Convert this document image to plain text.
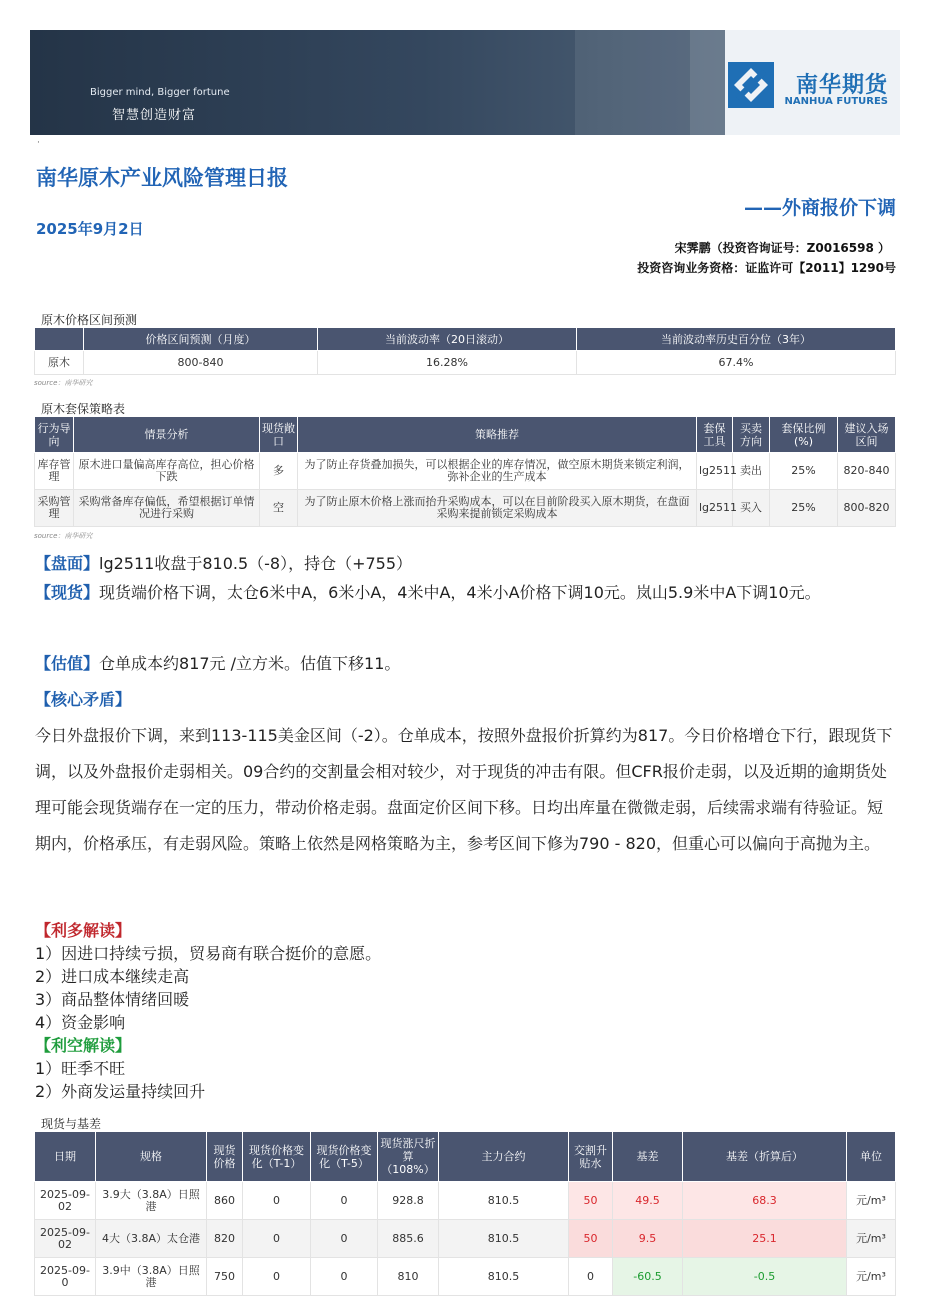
Bigger mind, Bigger fortune
智慧创造财富
南华期货
NANHUA FUTURES
·
南华原木产业风险管理日报
——外商报价下调
2025年9月2日
宋霁鹏（投资咨询证号：Z0016598 ）
投资咨询业务资格：证监许可【2011】1290号
原木价格区间预测
	价格区间预测（月度）	当前波动率（20日滚动）	当前波动率历史百分位（3年）
原木	800-840	16.28%	67.4%
source：南华研究
原木套保策略表
行为导向	情景分析	现货敞口	策略推荐	套保工具	买卖方向	套保比例(%)	建议入场区间
库存管理	原木进口量偏高库存高位，担心价格下跌	多	为了防止存货叠加损失，可以根据企业的库存情况，做空原木期货来锁定利润，弥补企业的生产成本	lg2511	卖出	25%	820-840
采购管理	采购常备库存偏低，希望根据订单情况进行采购	空	为了防止原木价格上涨而抬升采购成本，可以在目前阶段买入原木期货，在盘面采购来提前锁定采购成本	lg2511	买入	25%	800-820
source：南华研究
【盘面】lg2511收盘于810.5（-8），持仓（+755）
【现货】现货端价格下调，太仓6米中A，6米小A，4米中A，4米小A价格下调10元。岚山5.9米中A下调10元。
【估值】仓单成本约817元 /立方米。估值下移11。
【核心矛盾】
今日外盘报价下调，来到113-115美金区间（-2）。仓单成本，按照外盘报价折算约为817。今日价格增仓下行，跟现货下调，以及外盘报价走弱相关。09合约的交割量会相对较少，对于现货的冲击有限。但CFR报价走弱，以及近期的逾期货处理可能会现货端存在一定的压力，带动价格走弱。盘面定价区间下移。日均出库量在微微走弱，后续需求端有待验证。短期内，价格承压，有走弱风险。策略上依然是网格策略为主，参考区间下修为790 - 820，但重心可以偏向于高抛为主。
【利多解读】
1）因进口持续亏损，贸易商有联合挺价的意愿。
2）进口成本继续走高
3）商品整体情绪回暖
4）资金影响
【利空解读】
1）旺季不旺
2）外商发运量持续回升
现货与基差
日期	规格	现货价格	现货价格变化（T-1）	现货价格变化（T-5）	现货涨尺折算（108%）	主力合约	交割升贴水	基差	基差（折算后）	单位
2025-09-02	3.9大（3.8A）日照港	860	0	0	928.8	810.5	50	49.5	68.3	元/m³
2025-09-02	4大（3.8A）太仓港	820	0	0	885.6	810.5	50	9.5	25.1	元/m³
2025-09-0	3.9中（3.8A）日照港	750	0	0	810	810.5	0	-60.5	-0.5	元/m³
